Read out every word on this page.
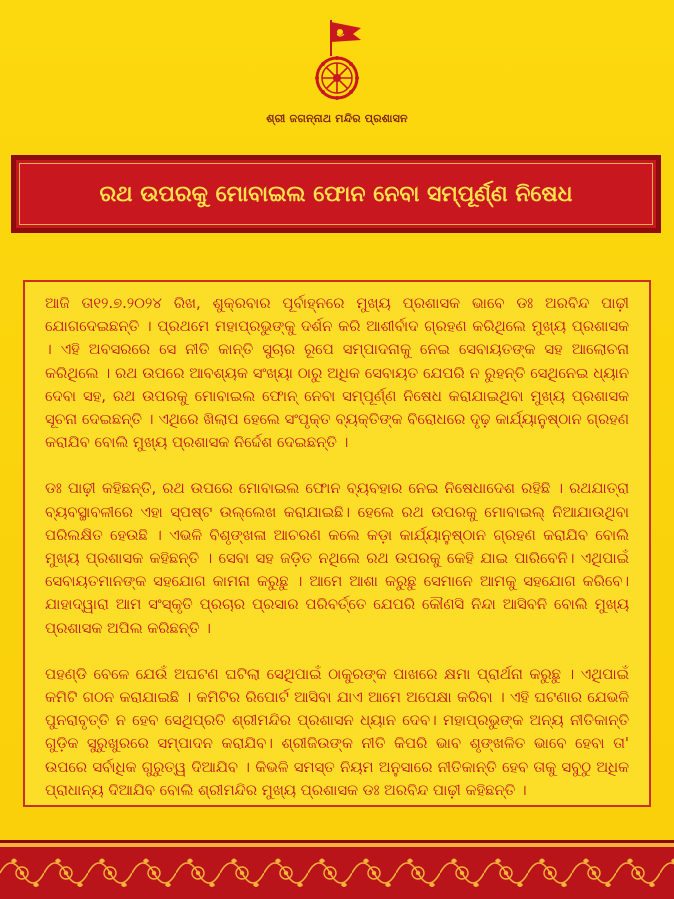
ଶ୍ରୀ ଜଗନ୍ନାଥ ମନ୍ଦିର ପ୍ରଶାସନ
ରଥ ଉପରକୁ ମୋବାଇଲ ଫୋନ ନେବା ସମ୍ପୂର୍ଣ୍ଣ ନିଷେଧ

ଆଜି ତା୧୨.୭.୨୦୨୪ ରିଖ, ଶୁକ୍ରବାର ପୂର୍ବାହ୍ନରେ ମୁଖ୍ୟ ପ୍ରଶାସକ ଭାବେ ଡଃ ଅରବିନ୍ଦ ପାଢ଼ୀ ଯୋଗଦେଇଛନ୍ତି । ପ୍ରଥମେ ମହାପ୍ରଭୁଙ୍କୁ ଦର୍ଶନ କରି ଆଶୀର୍ବାଦ ଗ୍ରହଣ କରିଥିଲେ ମୁଖ୍ୟ ପ୍ରଶାସକ । ଏହି ଅବସରରେ ସେ ନୀତି କାନ୍ତି ସୁଚାର ରୂପେ ସମ୍ପାଦନାକୁ ନେଇ ସେବାୟତଙ୍କ ସହ ଆଲୋଚନା କରିଥିଲେ । ରଥ ଉପରେ ଆବଶ୍ୟକ ସଂଖ୍ୟା ଠାରୁ ଅଧିକ ସେବାୟତ ଯେପରି ନ ରୁହନ୍ତି ସେଥିନେଇ ଧ୍ୟାନ ଦେବା ସହ, ରଥ ଉପରକୁ ମୋବାଇଲ ଫୋନ୍ ନେବା ସମ୍ପୂର୍ଣ୍ଣ ନିଷେଧ କରାଯାଇଥିବା ମୁଖ୍ୟ ପ୍ରଶାସକ ସୂଚନା ଦେଇଛନ୍ତି । ଏଥିରେ ଖିଲାପ ହେଲେ ସଂପୃକ୍ତ ବ୍ୟକ୍ତିଙ୍କ ବିରୋଧରେ ଦୃଢ଼ କାର୍ଯ୍ୟାନୁଷ୍ଠାନ ଗ୍ରହଣ କରାଯିବ ବୋଲି ମୁଖ୍ୟ ପ୍ରଶାସକ ନିର୍ଦ୍ଦେଶ ଦେଇଛନ୍ତି ।

ଡଃ ପାଢ଼ୀ କହିଛନ୍ତି, ରଥ ଉପରେ ମୋବାଇଲ ଫୋନ ବ୍ୟବହାର ନେଇ ନିଷେଧାଦେଶ ରହିଛି । ରଥଯାତ୍ରା ବ୍ୟବସ୍ଥାବଳୀରେ ଏହା ସ୍ପଷ୍ଟ ଉଲ୍ଲେଖ କରାଯାଇଛି। ହେଲେ ରଥ ଉପରକୁ ମୋବାଇଲ୍ ନିଆଯାଉଥିବା ପରିଲକ୍ଷିତ ହେଉଛି । ଏଭଳି ବିଶୃଙ୍ଖଳା ଆଚରଣ କଲେ କଡ଼ା କାର୍ଯ୍ୟାନୁଷ୍ଠାନ ଗ୍ରହଣ କରାଯିବ ବୋଲି ମୁଖ୍ୟ ପ୍ରଶାସକ କହିଛନ୍ତି । ସେବା ସହ ଜଡ଼ିତ ନଥିଲେ ରଥ ଉପରକୁ କେହି ଯାଇ ପାରିବେନି। ଏଥିପାଇଁ ସେବାୟତମାନଙ୍କ ସହଯୋଗ କାମନା କରୁଛୁ । ଆମେ ଆଶା କରୁଛୁ ସେମାନେ ଆମକୁ ସହଯୋଗ କରିବେ। ଯାହାଦ୍ୱାରା ଆମ ସଂସ୍କୃତି ପ୍ରଚାର ପ୍ରସାର ପରିବର୍ତ୍ତେ ଯେପରି କୌଣସି ନିନ୍ଦା ଆସିବନି ବୋଲି ମୁଖ୍ୟ ପ୍ରଶାସକ ଅପିଲ କରିଛନ୍ତି ।

ପହଣ୍ଡି ବେଳେ ଯେଉଁ ଅଘଟଣ ଘଟିଲା ସେଥିପାଇଁ ଠାକୁରଙ୍କ ପାଖରେ କ୍ଷମା ପ୍ରାର୍ଥନା କରୁଛୁ । ଏଥିପାଇଁ କମିଟି ଗଠନ କରାଯାଇଛି । କମିଟିର ରିପୋର୍ଟ ଆସିବା ଯାଏ ଆମେ ଅପେକ୍ଷା କରିବା । ଏହି ଘଟଣାର ଯେଭଳି ପୁନରାବୃତ୍ତି ନ ହେବ ସେଥିପ୍ରତି ଶ୍ରୀମନ୍ଦିର ପ୍ରଶାସନ ଧ୍ୟାନ ଦେବ। ମହାପ୍ରଭୁଙ୍କ ଅନ୍ୟ ନୀତିକାନ୍ତି ଗୁଡ଼ିକ ସୁରୁଖୁରରେ ସମ୍ପାଦନ କରାଯିବ। ଶ୍ରୀଜିଉଙ୍କ ନୀତି କିପରି ଭାବ ଶୃଙ୍ଖଳିତ ଭାବେ ହେବା ତା' ଉପରେ ସର୍ବାଧିକ ଗୁରୁତ୍ୱ ଦିଆଯିବ । କିଭଳି ସମସ୍ତ ନିୟମ ଅନୁସାରେ ନୀତିକାନ୍ତି ହେବ ତାକୁ ସବୁଠୁ ଅଧିକ ପ୍ରାଧାନ୍ୟ ଦିଆଯିବ ବୋଲି ଶ୍ରୀମନ୍ଦିର ମୁଖ୍ୟ ପ୍ରଶାସକ ଡଃ ଅରବିନ୍ଦ ପାଢ଼ୀ କହିଛନ୍ତି ।
